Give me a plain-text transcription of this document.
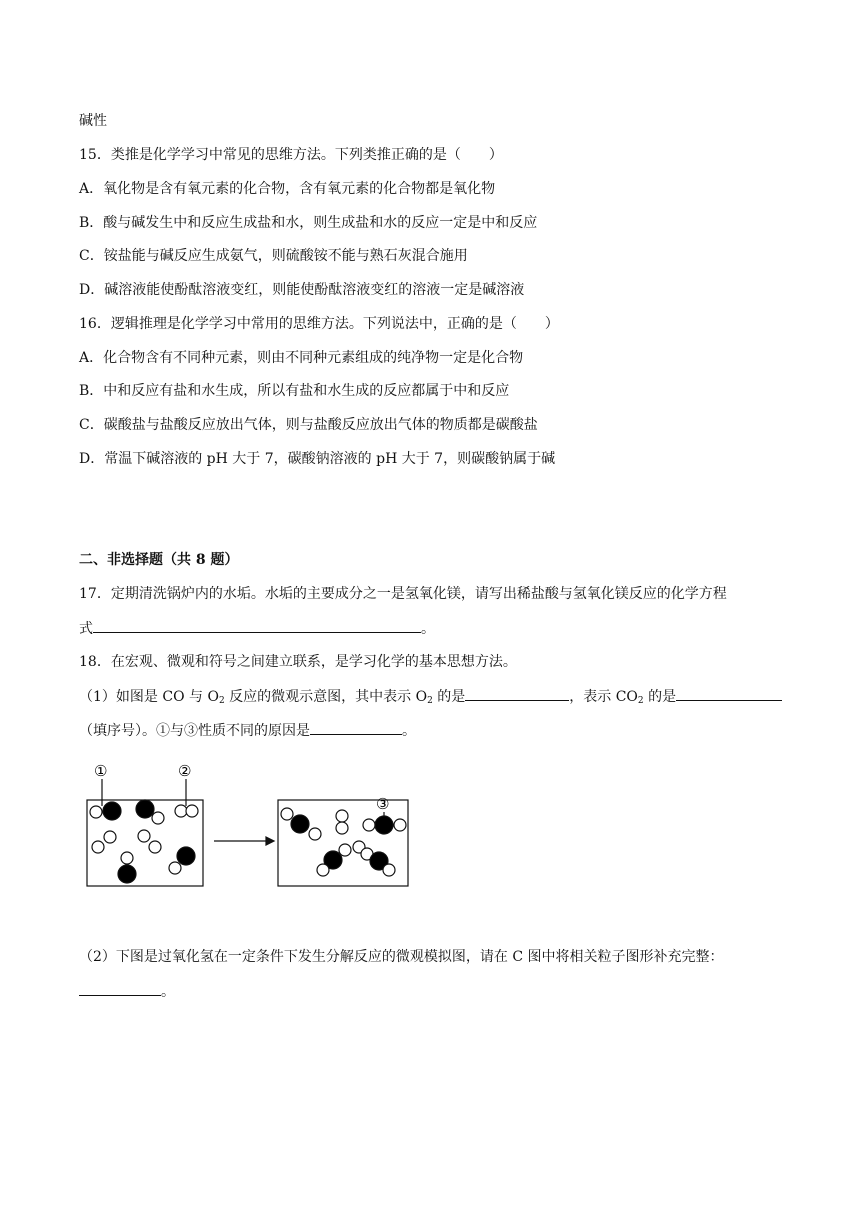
碱性
15．类推是化学学习中常见的思维方法。下列类推正确的是（　　）
A．氧化物是含有氧元素的化合物，含有氧元素的化合物都是氧化物
B．酸与碱发生中和反应生成盐和水，则生成盐和水的反应一定是中和反应
C．铵盐能与碱反应生成氨气，则硫酸铵不能与熟石灰混合施用
D．碱溶液能使酚酞溶液变红，则能使酚酞溶液变红的溶液一定是碱溶液
16．逻辑推理是化学学习中常用的思维方法。下列说法中，正确的是（　　）
A．化合物含有不同种元素，则由不同种元素组成的纯净物一定是化合物
B．中和反应有盐和水生成，所以有盐和水生成的反应都属于中和反应
C．碳酸盐与盐酸反应放出气体，则与盐酸反应放出气体的物质都是碳酸盐
D．常温下碱溶液的 pH 大于 7，碳酸钠溶液的 pH 大于 7，则碳酸钠属于碱
二、非选择题（共 8 题）
17．定期清洗锅炉内的水垢。水垢的主要成分之一是氢氧化镁，请写出稀盐酸与氢氧化镁反应的化学方程
式	。
18．在宏观、微观和符号之间建立联系，是学习化学的基本思想方法。
（1）如图是 CO 与 $O_2$ 反应的微观示意图，其中表示 $O_2$ 的是	，表示 $CO_2$ 的是
（填序号）。①与③性质不同的原因是	。
①	②
③
（2）下图是过氧化氢在一定条件下发生分解反应的微观模拟图，请在 C 图中将相关粒子图形补充完整：
。
